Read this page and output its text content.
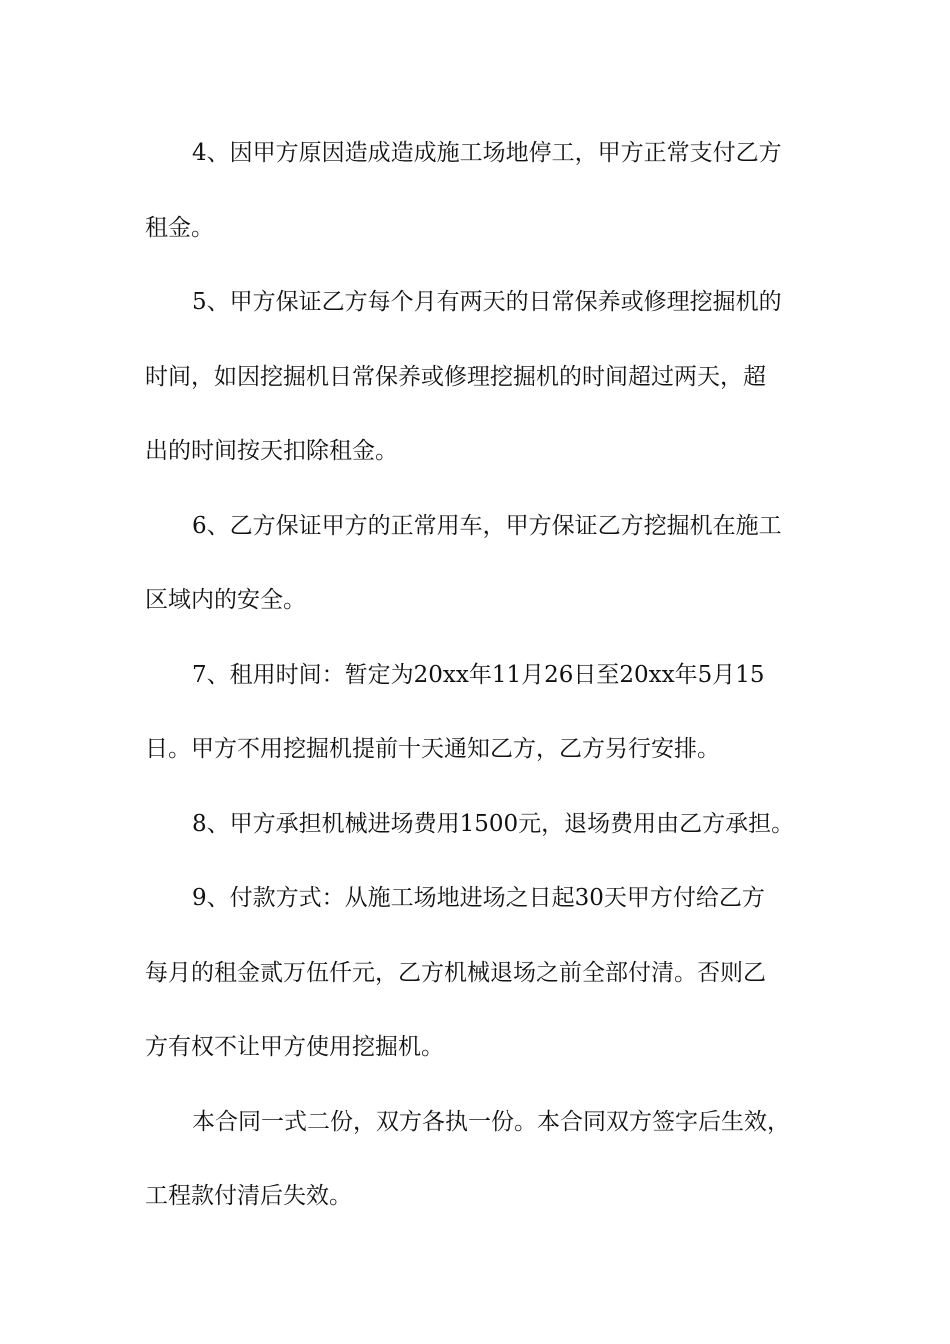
4、因甲方原因造成造成施工场地停工，甲方正常支付乙方
租金。
5、甲方保证乙方每个月有两天的日常保养或修理挖掘机的
时间，如因挖掘机日常保养或修理挖掘机的时间超过两天，超
出的时间按天扣除租金。
6、乙方保证甲方的正常用车，甲方保证乙方挖掘机在施工
区域内的安全。
7、租用时间：暂定为20xx年11月26日至20xx年5月15
日。甲方不用挖掘机提前十天通知乙方，乙方另行安排。
8、甲方承担机械进场费用1500元，退场费用由乙方承担。
9、付款方式：从施工场地进场之日起30天甲方付给乙方
每月的租金贰万伍仟元，乙方机械退场之前全部付清。否则乙
方有权不让甲方使用挖掘机。
本合同一式二份，双方各执一份。本合同双方签字后生效，
工程款付清后失效。
